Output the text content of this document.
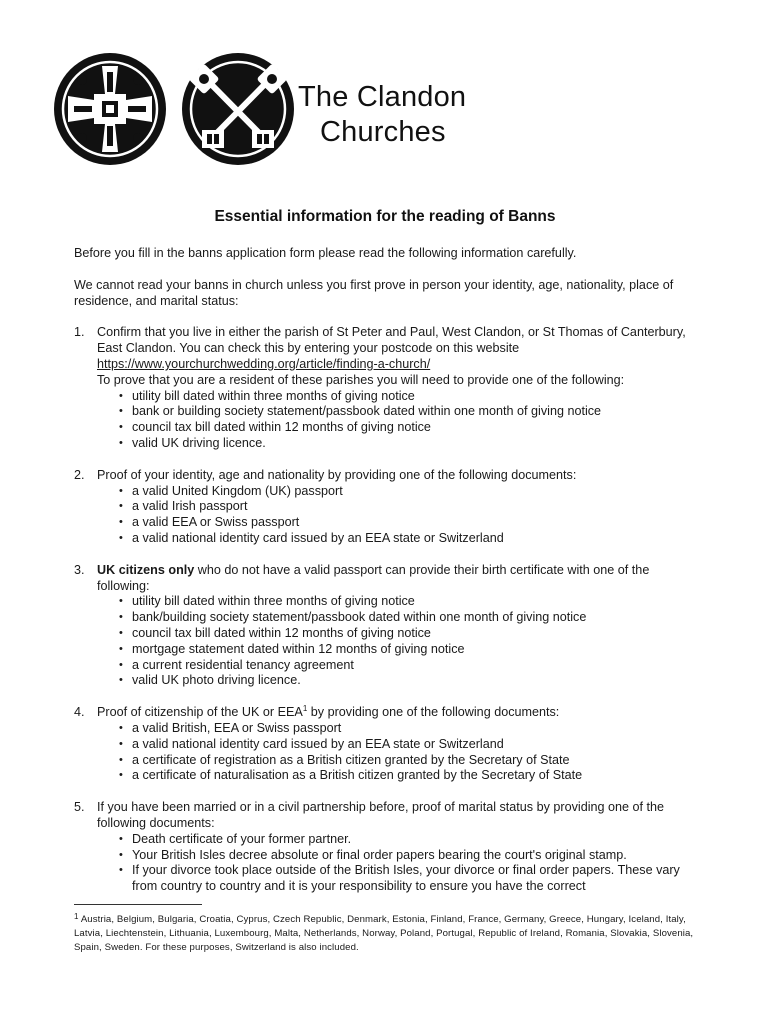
The Clandon
Churches
Essential information for the reading of Banns

Before you fill in the banns application form please read the following information carefully.

We cannot read your banns in church unless you first prove in person your identity, age, nationality, place of residence, and marital status:

1. Confirm that you live in either the parish of St Peter and Paul, West Clandon, or St Thomas of Canterbury, East Clandon. You can check this by entering your postcode on this website
https://www.yourchurchwedding.org/article/finding-a-church/
To prove that you are a resident of these parishes you will need to provide one of the following:
• utility bill dated within three months of giving notice
• bank or building society statement/passbook dated within one month of giving notice
• council tax bill dated within 12 months of giving notice
• valid UK driving licence.
2. Proof of your identity, age and nationality by providing one of the following documents:
• a valid United Kingdom (UK) passport
• a valid Irish passport
• a valid EEA or Swiss passport
• a valid national identity card issued by an EEA state or Switzerland
3. UK citizens only who do not have a valid passport can provide their birth certificate with one of the following:
• utility bill dated within three months of giving notice
• bank/building society statement/passbook dated within one month of giving notice
• council tax bill dated within 12 months of giving notice
• mortgage statement dated within 12 months of giving notice
• a current residential tenancy agreement
• valid UK photo driving licence.
4. Proof of citizenship of the UK or EEA$^1$ by providing one of the following documents:
• a valid British, EEA or Swiss passport
• a valid national identity card issued by an EEA state or Switzerland
• a certificate of registration as a British citizen granted by the Secretary of State
• a certificate of naturalisation as a British citizen granted by the Secretary of State
5. If you have been married or in a civil partnership before, proof of marital status by providing one of the following documents:
• Death certificate of your former partner.
• Your British Isles decree absolute or final order papers bearing the court's original stamp.
• If your divorce took place outside of the British Isles, your divorce or final order papers. These vary from country to country and it is your responsibility to ensure you have the correct
$^1$ Austria, Belgium, Bulgaria, Croatia, Cyprus, Czech Republic, Denmark, Estonia, Finland, France, Germany, Greece, Hungary, Iceland, Italy, Latvia, Liechtenstein, Lithuania, Luxembourg, Malta, Netherlands, Norway, Poland, Portugal, Republic of Ireland, Romania, Slovakia, Slovenia, Spain, Sweden. For these purposes, Switzerland is also included.
